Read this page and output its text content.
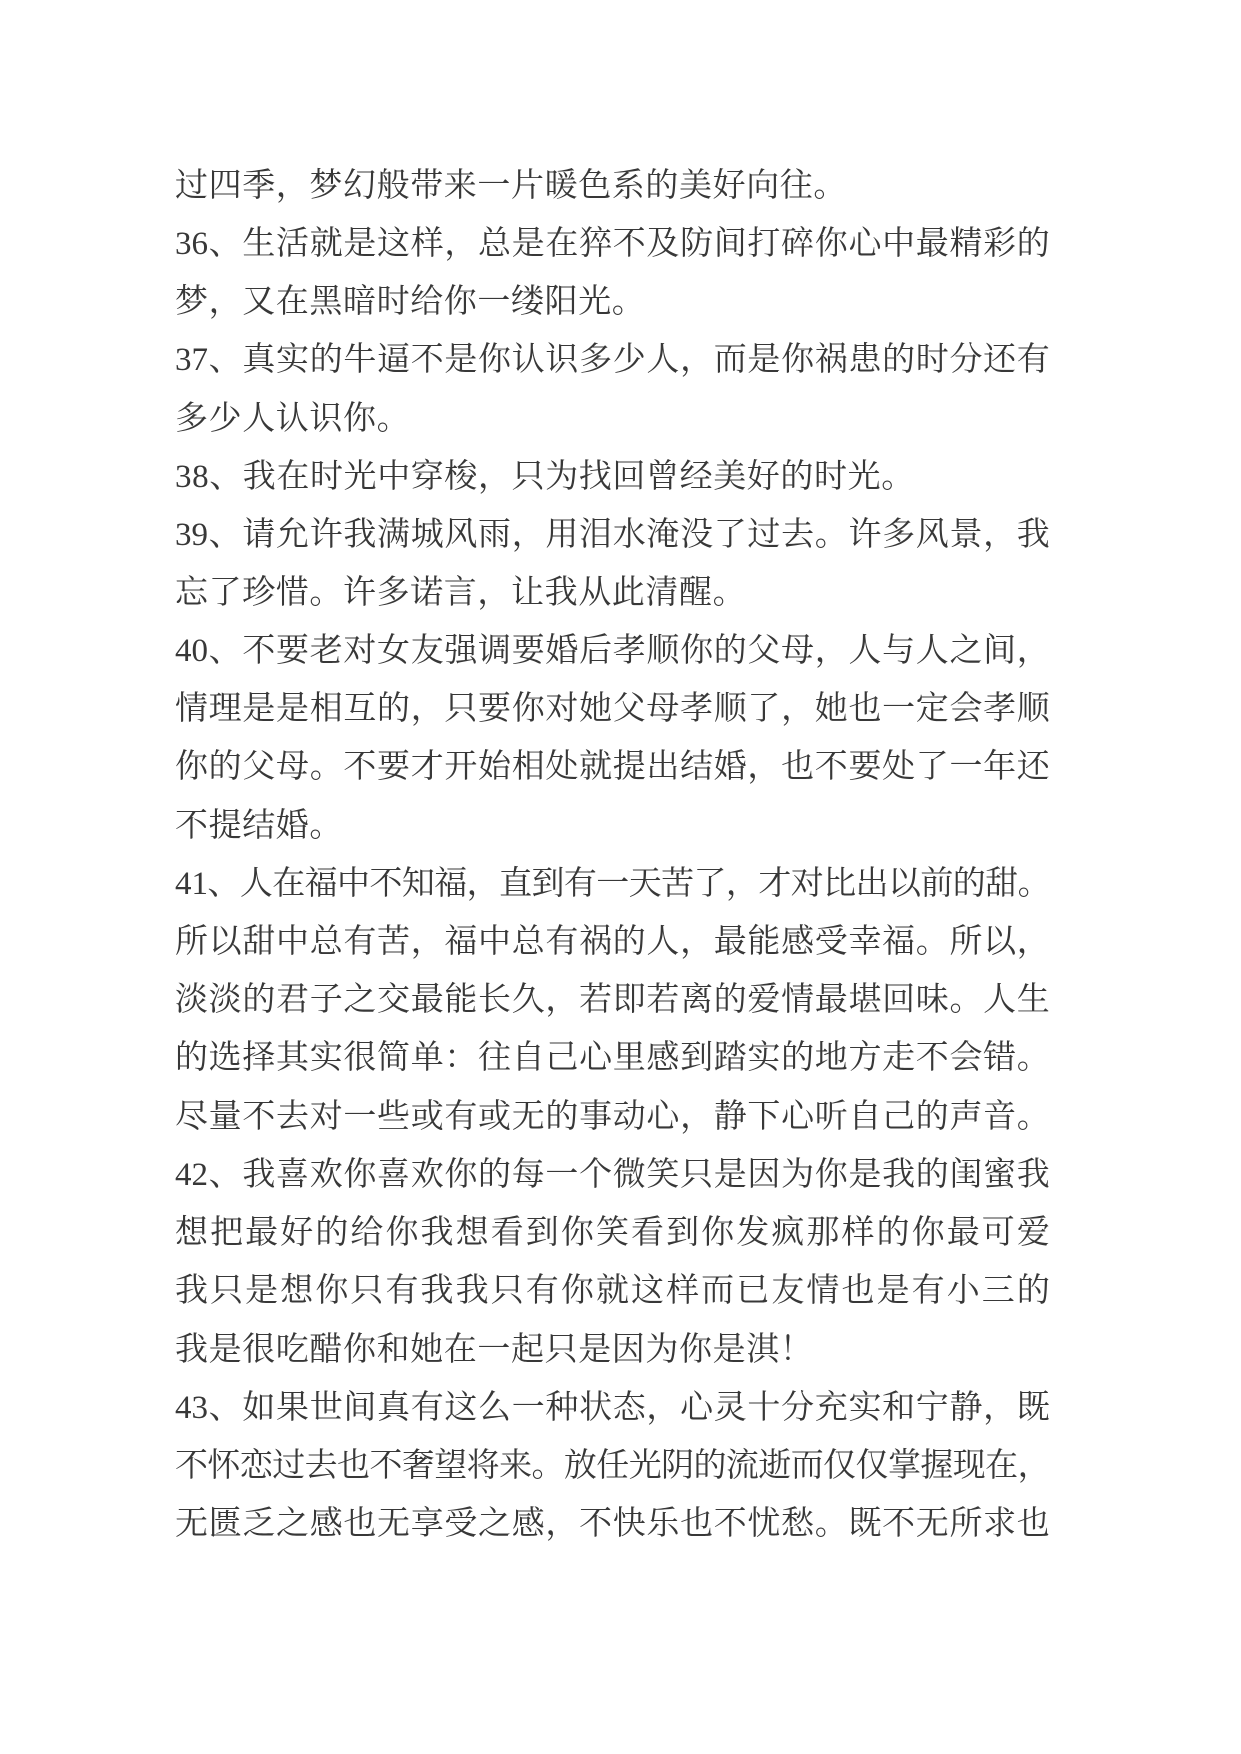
过四季，梦幻般带来一片暖色系的美好向往。
36 、 生 活 就 是 这 样 ， 总 是 在 猝 不 及 防 间 打 碎 你 心 中 最 精 彩 的
梦，又在黑暗时给你一缕阳光。
37 、 真 实 的 牛 逼 不 是 你 认 识 多 少 人 ， 而 是 你 祸 患 的 时 分 还 有
多少人认识你。
38、我在时光中穿梭，只为找回曾经美好的时光。
39 、 请 允 许 我 满 城 风 雨 ， 用 泪 水 淹 没 了 过 去 。 许 多 风 景 ， 我
忘了珍惜。许多诺言，让我从此清醒。
40 、 不 要 老 对 女 友 强 调 要 婚 后 孝 顺 你 的 父 母 ， 人 与 人 之 间 ，
情 理 是 是 相 互 的 ， 只 要 你 对 她 父 母 孝 顺 了 ， 她 也 一 定 会 孝 顺
你 的 父 母 。 不 要 才 开 始 相 处 就 提 出 结 婚 ， 也 不 要 处 了 一 年 还
不提结婚。
41 、 人 在 福 中 不 知 福 ， 直 到 有 一 天 苦 了 ， 才 对 比 出 以 前 的 甜 。
所 以 甜 中 总 有 苦 ， 福 中 总 有 祸 的 人 ， 最 能 感 受 幸 福 。 所 以 ，
淡 淡 的 君 子 之 交 最 能 长 久 ， 若 即 若 离 的 爱 情 最 堪 回 味 。 人 生
的 选 择 其 实 很 简 单 ： 往 自 己 心 里 感 到 踏 实 的 地 方 走 不 会 错 。
尽 量 不 去 对 一 些 或 有 或 无 的 事 动 心 ， 静 下 心 听 自 己 的 声 音 。
42 、 我 喜 欢 你 喜 欢 你 的 每 一 个 微 笑 只 是 因 为 你 是 我 的 闺 蜜 我
想 把 最 好 的 给 你 我 想 看 到 你 笑 看 到 你 发 疯 那 样 的 你 最 可 爱
我 只 是 想 你 只 有 我 我 只 有 你 就 这 样 而 已 友 情 也 是 有 小 三 的
我是很吃醋你和她在一起只是因为你是淇！
43 、 如 果 世 间 真 有 这 么 一 种 状 态 ， 心 灵 十 分 充 实 和 宁 静 ， 既
不 怀 恋 过 去 也 不 奢 望 将 来 。 放 任 光 阴 的 流 逝 而 仅 仅 掌 握 现 在 ，
无 匮 乏 之 感 也 无 享 受 之 感 ， 不 快 乐 也 不 忧 愁 。 既 不 无 所 求 也
